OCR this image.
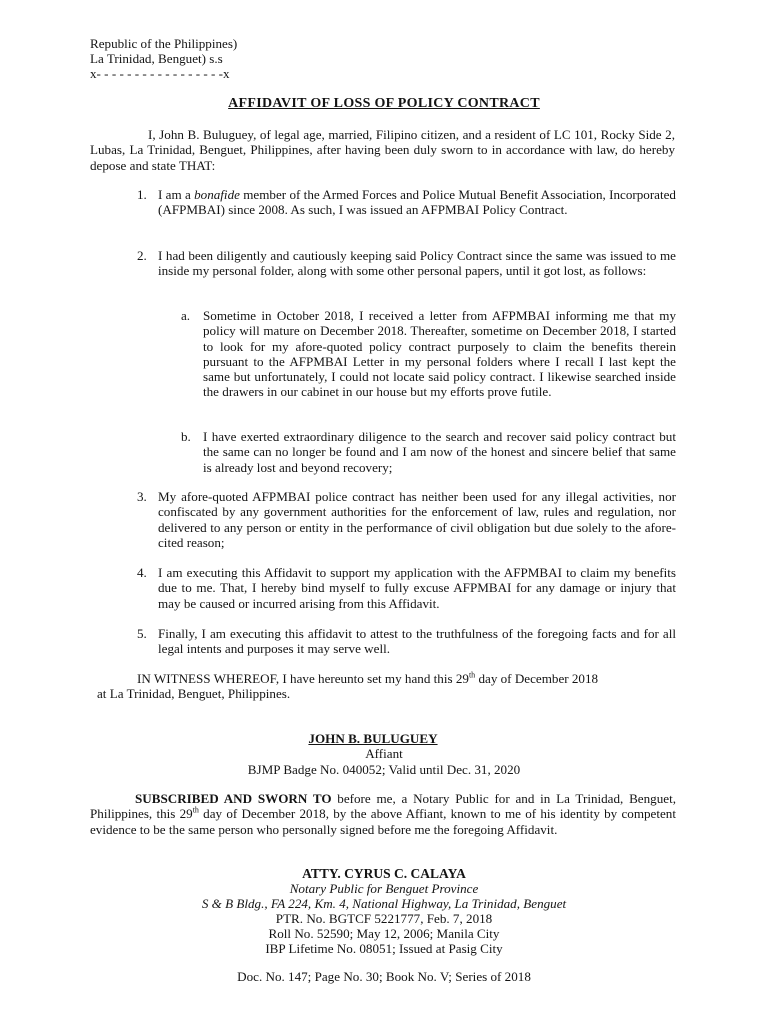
Republic of the Philippines)
La Trinidad, Benguet) s.s
x- - - - - - - - - - - - - - - - -x
AFFIDAVIT OF LOSS OF POLICY CONTRACT
I, John B. Buluguey, of legal age, married, Filipino citizen, and a resident of LC 101, Rocky Side 2, Lubas, La Trinidad, Benguet, Philippines, after having been duly sworn to in accordance with law, do hereby depose and state THAT:
1. I am a bonafide member of the Armed Forces and Police Mutual Benefit Association, Incorporated (AFPMBAI) since 2008. As such, I was issued an AFPMBAI Policy Contract.
2. I had been diligently and cautiously keeping said Policy Contract since the same was issued to me inside my personal folder, along with some other personal papers, until it got lost, as follows:
a. Sometime in October 2018, I received a letter from AFPMBAI informing me that my policy will mature on December 2018. Thereafter, sometime on December 2018, I started to look for my afore-quoted policy contract purposely to claim the benefits therein pursuant to the AFPMBAI Letter in my personal folders where I recall I last kept the same but unfortunately, I could not locate said policy contract. I likewise searched inside the drawers in our cabinet in our house but my efforts prove futile.
b. I have exerted extraordinary diligence to the search and recover said policy contract but the same can no longer be found and I am now of the honest and sincere belief that same is already lost and beyond recovery;
3. My afore-quoted AFPMBAI police contract has neither been used for any illegal activities, nor confiscated by any government authorities for the enforcement of law, rules and regulation, nor delivered to any person or entity in the performance of civil obligation but due solely to the afore-cited reason;
4. I am executing this Affidavit to support my application with the AFPMBAI to claim my benefits due to me. That, I hereby bind myself to fully excuse AFPMBAI for any damage or injury that may be caused or incurred arising from this Affidavit.
5. Finally, I am executing this affidavit to attest to the truthfulness of the foregoing facts and for all legal intents and purposes it may serve well.
IN WITNESS WHEREOF, I have hereunto set my hand this 29th day of December 2018
at La Trinidad, Benguet, Philippines.
JOHN B. BULUGUEY
Affiant
BJMP Badge No. 040052; Valid until Dec. 31, 2020
SUBSCRIBED AND SWORN TO before me, a Notary Public for and in La Trinidad, Benguet, Philippines, this 29th day of December 2018, by the above Affiant, known to me of his identity by competent evidence to be the same person who personally signed before me the foregoing Affidavit.
ATTY. CYRUS C. CALAYA
Notary Public for Benguet Province
S & B Bldg., FA 224, Km. 4, National Highway, La Trinidad, Benguet
PTR. No. BGTCF 5221777, Feb. 7, 2018
Roll No. 52590; May 12, 2006; Manila City
IBP Lifetime No. 08051; Issued at Pasig City
Doc. No. 147; Page No. 30; Book No. V; Series of 2018
